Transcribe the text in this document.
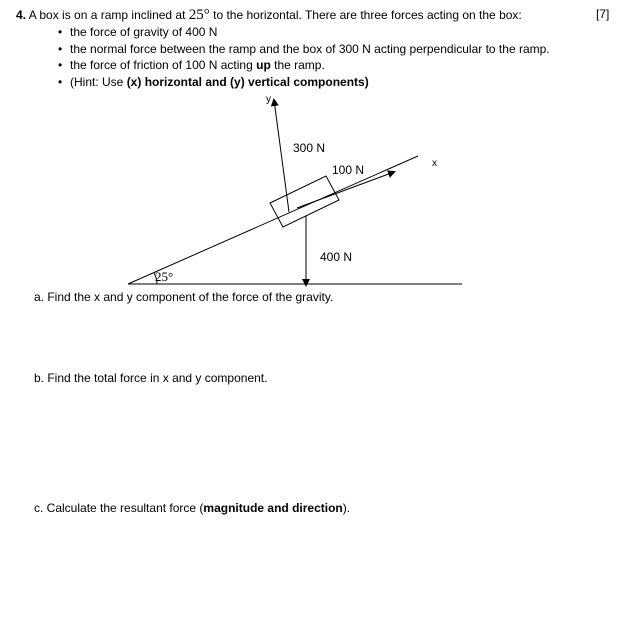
4. A box is on a ramp inclined at 25° to the horizontal. There are three forces acting on the box:	[7]
• the force of gravity of 400 N
• the normal force between the ramp and the box of 300 N acting perpendicular to the ramp.
• the force of friction of 100 N acting up the ramp.
• (Hint: Use (x) horizontal and (y) vertical components)
y
x
300 N
100 N
400 N
25°
a. Find the x and y component of the force of the gravity.
b. Find the total force in x and y component.
c. Calculate the resultant force (magnitude and direction).
